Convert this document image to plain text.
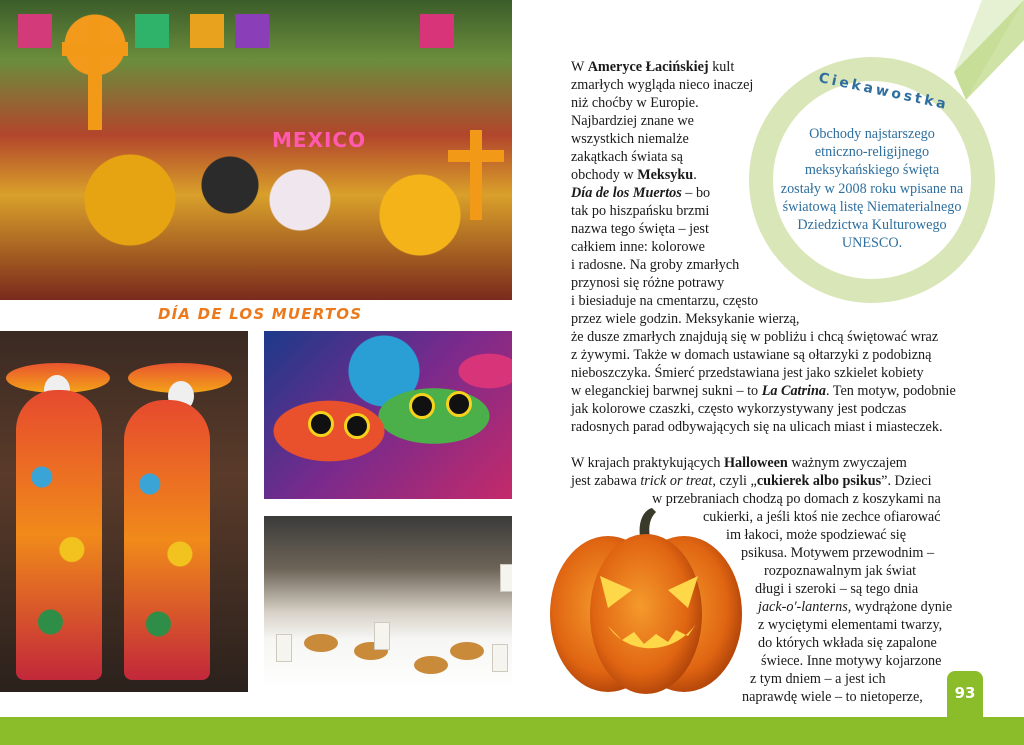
MEXICO
DÍA DE LOS MUERTOS
Ciekawostka
Obchody najstarszego
etniczno-religijnego
meksykańskiego święta
zostały w 2008 roku wpisane na
światową listę Niematerialnego
Dziedzictwa Kulturowego
UNESCO.
W Ameryce Łacińskiej kult
zmarłych wygląda nieco inaczej
niż choćby w Europie.
Najbardziej znane we
wszystkich niemalże
zakątkach świata są
obchody w Meksyku.
Día de los Muertos – bo
tak po hiszpańsku brzmi
nazwa tego święta – jest
całkiem inne: kolorowe
i radosne. Na groby zmarłych
przynosi się różne potrawy
i biesiaduje na cmentarzu, często
przez wiele godzin. Meksykanie wierzą,
że dusze zmarłych znajdują się w pobliżu i chcą świętować wraz
z żywymi. Także w domach ustawiane są ołtarzyki z podobizną
nieboszczyka. Śmierć przedstawiana jest jako szkielet kobiety
w eleganckiej barwnej sukni – to La Catrina. Ten motyw, podobnie
jak kolorowe czaszki, często wykorzystywany jest podczas
radosnych parad odbywających się na ulicach miast i miasteczek.
W krajach praktykujących Halloween ważnym zwyczajem
jest zabawa trick or treat, czyli „cukierek albo psikus”. Dzieci
w przebraniach chodzą po domach z koszykami na
cukierki, a jeśli ktoś nie zechce ofiarować
im łakoci, może spodziewać się
psikusa. Motywem przewodnim –
rozpoznawalnym jak świat
długi i szeroki – są tego dnia
jack-o'-lanterns, wydrążone dynie
z wyciętymi elementami twarzy,
do których wkłada się zapalone
świece. Inne motywy kojarzone
z tym dniem – a jest ich
naprawdę wiele – to nietoperze,	93
